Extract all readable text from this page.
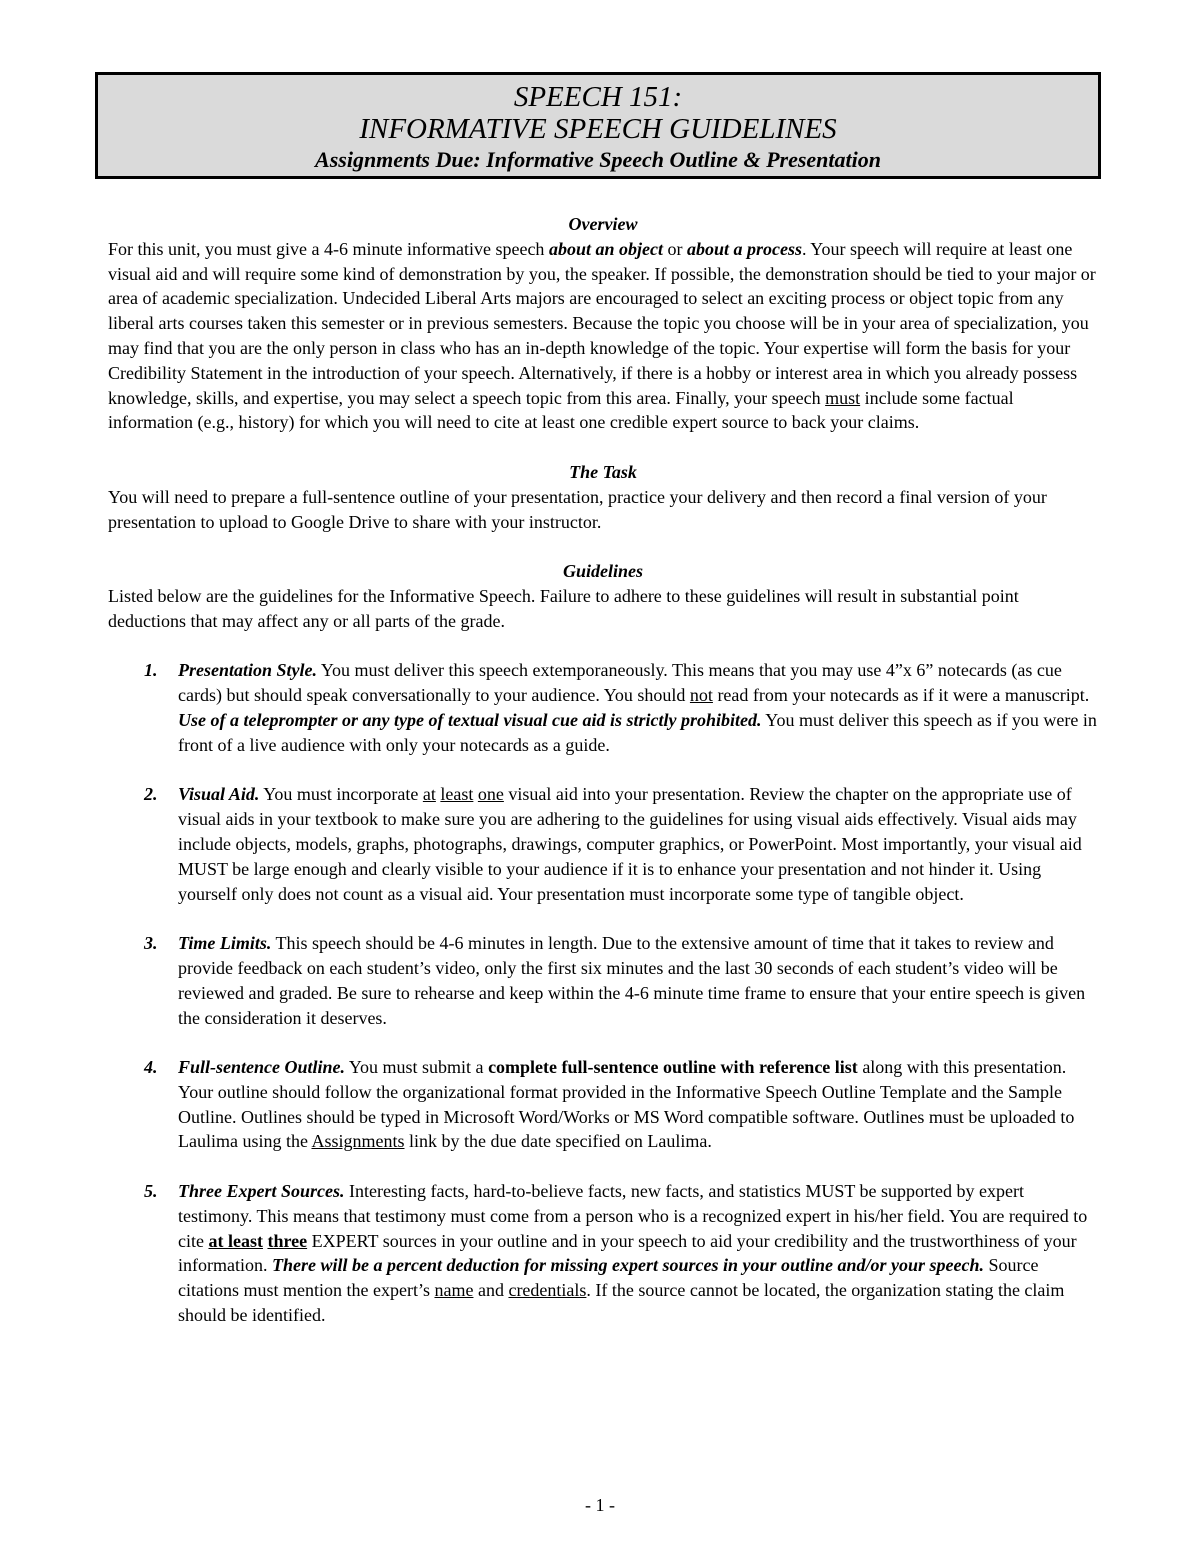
SPEECH 151:
INFORMATIVE SPEECH GUIDELINES
Assignments Due: Informative Speech Outline & Presentation
Overview

For this unit, you must give a 4-6 minute informative speech about an object or about a process. Your speech will require at least one visual aid and will require some kind of demonstration by you, the speaker. If possible, the demonstration should be tied to your major or area of academic specialization. Undecided Liberal Arts majors are encouraged to select an exciting process or object topic from any liberal arts courses taken this semester or in previous semesters. Because the topic you choose will be in your area of specialization, you may find that you are the only person in class who has an in-depth knowledge of the topic. Your expertise will form the basis for your Credibility Statement in the introduction of your speech. Alternatively, if there is a hobby or interest area in which you already possess knowledge, skills, and expertise, you may select a speech topic from this area. Finally, your speech must include some factual information (e.g., history) for which you will need to cite at least one credible expert source to back your claims.

The Task

You will need to prepare a full-sentence outline of your presentation, practice your delivery and then record a final version of your presentation to upload to Google Drive to share with your instructor.

Guidelines

Listed below are the guidelines for the Informative Speech. Failure to adhere to these guidelines will result in substantial point deductions that may affect any or all parts of the grade.

1. Presentation Style. You must deliver this speech extemporaneously. This means that you may use 4”x 6” notecards (as cue cards) but should speak conversationally to your audience. You should not read from your notecards as if it were a manuscript. Use of a teleprompter or any type of textual visual cue aid is strictly prohibited. You must deliver this speech as if you were in front of a live audience with only your notecards as a guide.
2. Visual Aid. You must incorporate at least one visual aid into your presentation. Review the chapter on the appropriate use of visual aids in your textbook to make sure you are adhering to the guidelines for using visual aids effectively. Visual aids may include objects, models, graphs, photographs, drawings, computer graphics, or PowerPoint. Most importantly, your visual aid MUST be large enough and clearly visible to your audience if it is to enhance your presentation and not hinder it. Using yourself only does not count as a visual aid. Your presentation must incorporate some type of tangible object.
3. Time Limits. This speech should be 4-6 minutes in length. Due to the extensive amount of time that it takes to review and provide feedback on each student’s video, only the first six minutes and the last 30 seconds of each student’s video will be reviewed and graded. Be sure to rehearse and keep within the 4-6 minute time frame to ensure that your entire speech is given the consideration it deserves.
4. Full-sentence Outline. You must submit a complete full-sentence outline with reference list along with this presentation. Your outline should follow the organizational format provided in the Informative Speech Outline Template and the Sample Outline. Outlines should be typed in Microsoft Word/Works or MS Word compatible software. Outlines must be uploaded to Laulima using the Assignments link by the due date specified on Laulima.
5. Three Expert Sources. Interesting facts, hard-to-believe facts, new facts, and statistics MUST be supported by expert testimony. This means that testimony must come from a person who is a recognized expert in his/her field. You are required to cite at least three EXPERT sources in your outline and in your speech to aid your credibility and the trustworthiness of your information. There will be a percent deduction for missing expert sources in your outline and/or your speech. Source citations must mention the expert’s name and credentials. If the source cannot be located, the organization stating the claim should be identified.
- 1 -
